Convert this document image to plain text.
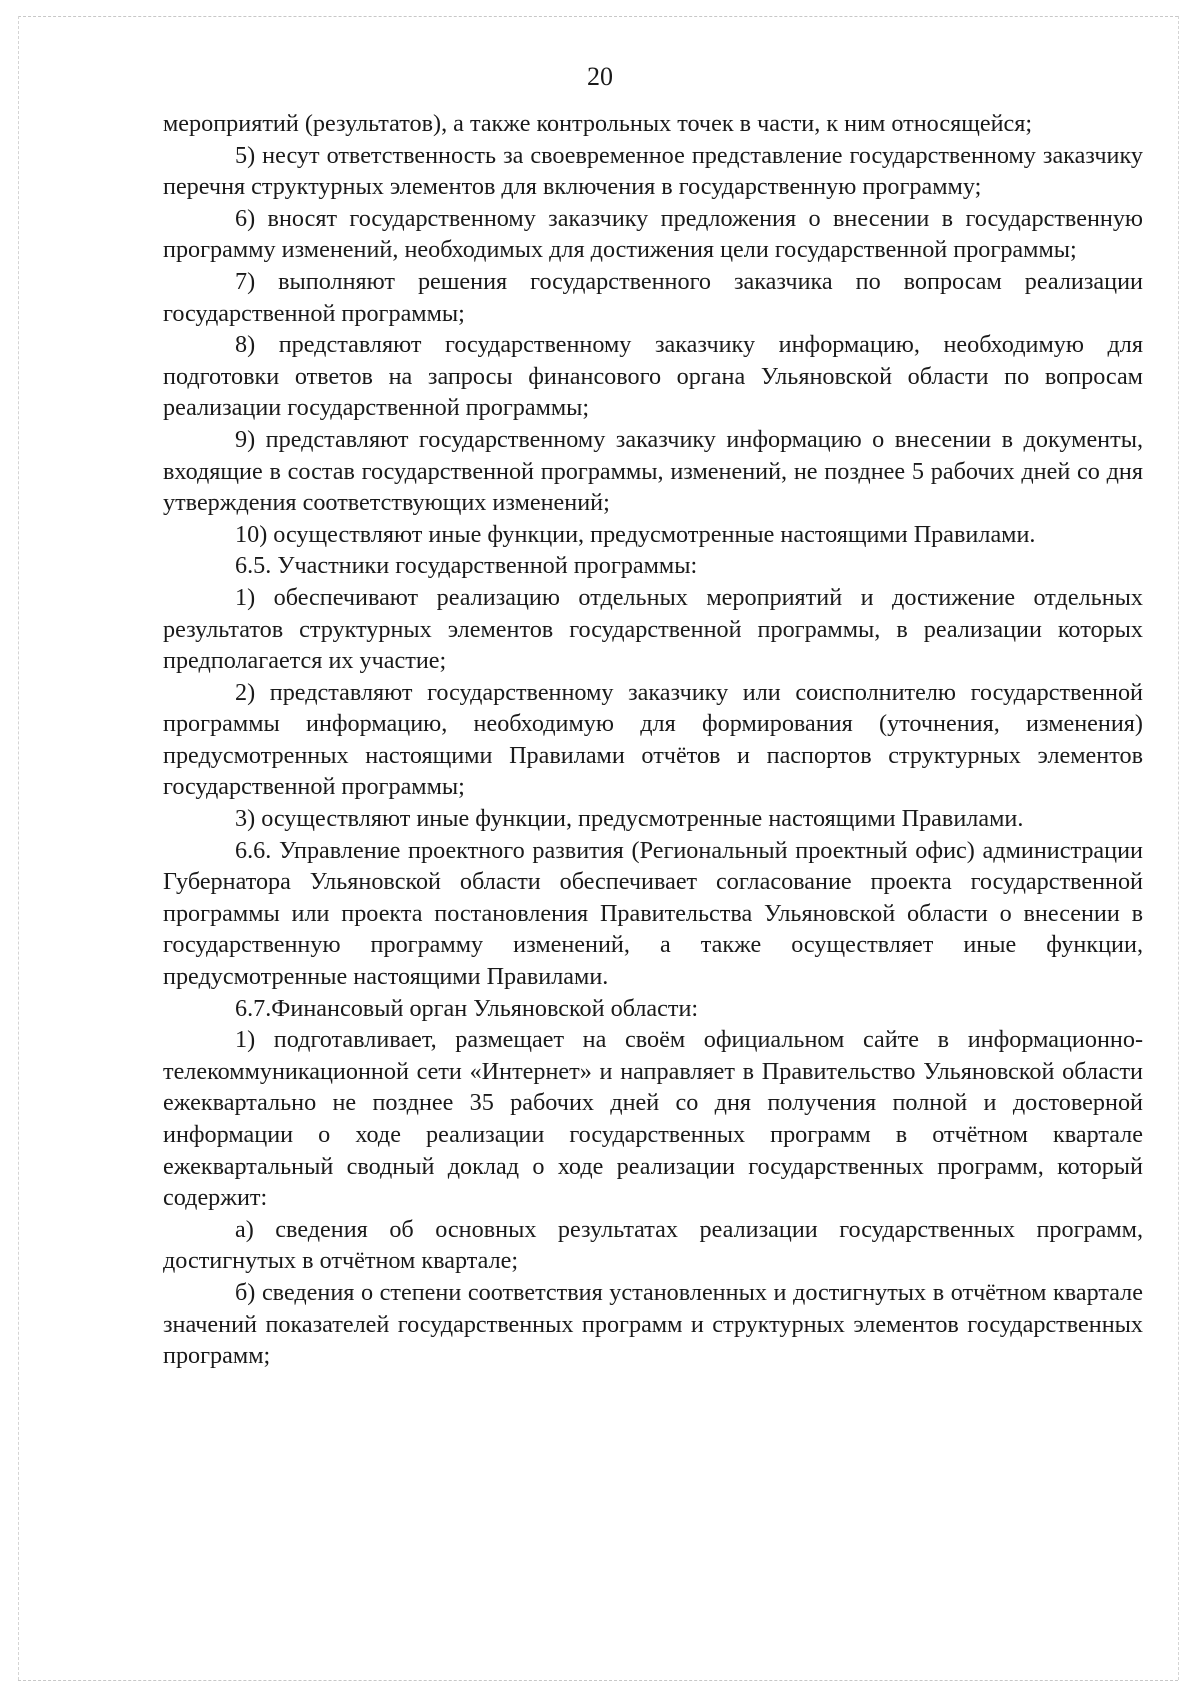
20

мероприятий (результатов), а также контрольных точек в части, к ним относящейся;

5) несут ответственность за своевременное представление государственному заказчику перечня структурных элементов для включения в государственную программу;

6) вносят государственному заказчику предложения о внесении в государственную программу изменений, необходимых для достижения цели государственной программы;

7) выполняют решения государственного заказчика по вопросам реализации государственной программы;

8) представляют государственному заказчику информацию, необходимую для подготовки ответов на запросы финансового органа Ульяновской области по вопросам реализации государственной программы;

9) представляют государственному заказчику информацию о внесении в документы, входящие в состав государственной программы, изменений, не позднее 5 рабочих дней со дня утверждения соответствующих изменений;

10) осуществляют иные функции, предусмотренные настоящими Правилами.

6.5. Участники государственной программы:

1) обеспечивают реализацию отдельных мероприятий и достижение отдельных результатов структурных элементов государственной программы, в реализации которых предполагается их участие;

2) представляют государственному заказчику или соисполнителю государственной программы информацию, необходимую для формирования (уточнения, изменения) предусмотренных настоящими Правилами отчётов и паспортов структурных элементов государственной программы;

3) осуществляют иные функции, предусмотренные настоящими Правилами.

6.6. Управление проектного развития (Региональный проектный офис) администрации Губернатора Ульяновской области обеспечивает согласование проекта государственной программы или проекта постановления Правительства Ульяновской области о внесении в государственную программу изменений, а также осуществляет иные функции, предусмотренные настоящими Правилами.

6.7.Финансовый орган Ульяновской области:

1) подготавливает, размещает на своём официальном сайте в информационно-телекоммуникационной сети «Интернет» и направляет в Правительство Ульяновской области ежеквартально не позднее 35 рабочих дней со дня получения полной и достоверной информации о ходе реализации государственных программ в отчётном квартале ежеквартальный сводный доклад о ходе реализации государственных программ, который содержит:

а) сведения об основных результатах реализации государственных программ, достигнутых в отчётном квартале;

б) сведения о степени соответствия установленных и достигнутых в отчётном квартале значений показателей государственных программ и структурных элементов государственных программ;
